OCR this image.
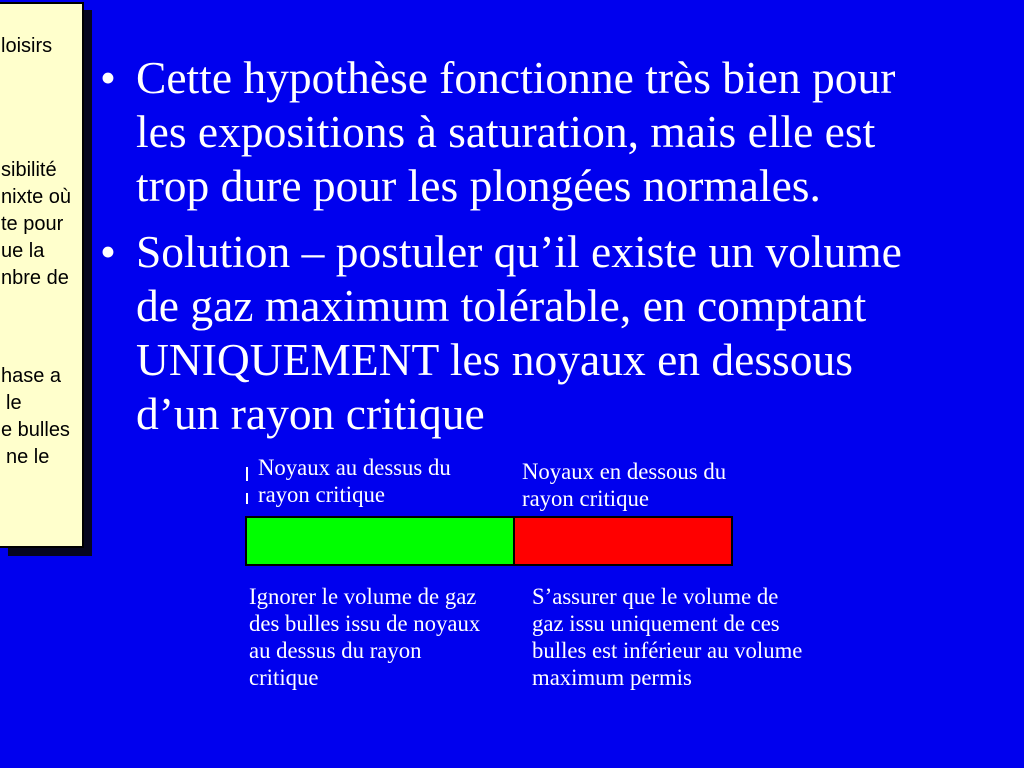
loisirs
sibilité
nixte où
te pour
ue la
nbre de
hase a
le
e bulles
ne le
• Cette hypothèse fonctionne très bien pour
les expositions à saturation, mais elle est
trop dure pour les plongées normales.
• Solution – postuler qu’il existe un volume
de gaz maximum tolérable, en comptant
UNIQUEMENT les noyaux en dessous
d’un rayon critique
Noyaux au dessus du
rayon critique
Noyaux en dessous du
rayon critique
Ignorer le volume de gaz
des bulles issu de noyaux
au dessus du rayon
critique
S’assurer que le volume de
gaz issu uniquement de ces
bulles est inférieur au volume
maximum permis
